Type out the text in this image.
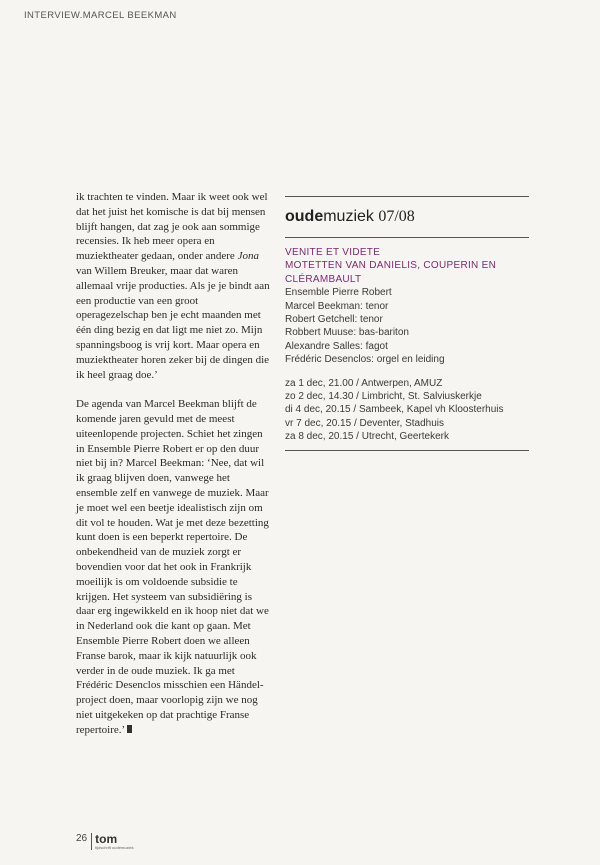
INTERVIEW.MARCEL BEEKMAN

ik trachten te vinden. Maar ik weet ook wel dat het juist het komische is dat bij mensen blijft hangen, dat zag je ook aan sommige recensies. Ik heb meer opera en muziektheater gedaan, onder andere Jona van Willem Breuker, maar dat waren allemaal vrije producties. Als je je bindt aan een productie van een groot operagezelschap ben je echt maanden met één ding bezig en dat ligt me niet zo. Mijn spanningsboog is vrij kort. Maar opera en muziektheater horen zeker bij de dingen die ik heel graag doe.’

De agenda van Marcel Beekman blijft de komende jaren gevuld met de meest uiteenlopende projecten. Schiet het zingen in Ensemble Pierre Robert er op den duur niet bij in? Marcel Beekman: ‘Nee, dat wil ik graag blijven doen, vanwege het ensemble zelf en vanwege de muziek. Maar je moet wel een beetje idealistisch zijn om dit vol te houden. Wat je met deze bezetting kunt doen is een beperkt repertoire. De onbekendheid van de muziek zorgt er bovendien voor dat het ook in Frankrijk moeilijk is om voldoende subsidie te krijgen. Het systeem van subsidiëring is daar erg ingewikkeld en ik hoop niet dat we in Nederland ook die kant op gaan. Met Ensemble Pierre Robert doen we alleen Franse barok, maar ik kijk natuurlijk ook verder in de oude muziek. Ik ga met Frédéric Desenclos misschien een Händel-project doen, maar voorlopig zijn we nog niet uitgekeken op dat prachtige Franse repertoire.’

oudemuziek 07/08
VENITE ET VIDETE
MOTETTEN VAN DANIELIS, COUPERIN EN CLÉRAMBAULT
Ensemble Pierre Robert
Marcel Beekman: tenor
Robert Getchell: tenor
Robbert Muuse: bas-bariton
Alexandre Salles: fagot
Frédéric Desenclos: orgel en leiding
za 1 dec, 21.00 / Antwerpen, AMUZ
zo 2 dec, 14.30 / Limbricht, St. Salviuskerkje
di 4 dec, 20.15 / Sambeek, Kapel vh Kloosterhuis
vr 7 dec, 20.15 / Deventer, Stadhuis
za 8 dec, 20.15 / Utrecht, Geertekerk
26 tom
tijdschrift oudemuziek
